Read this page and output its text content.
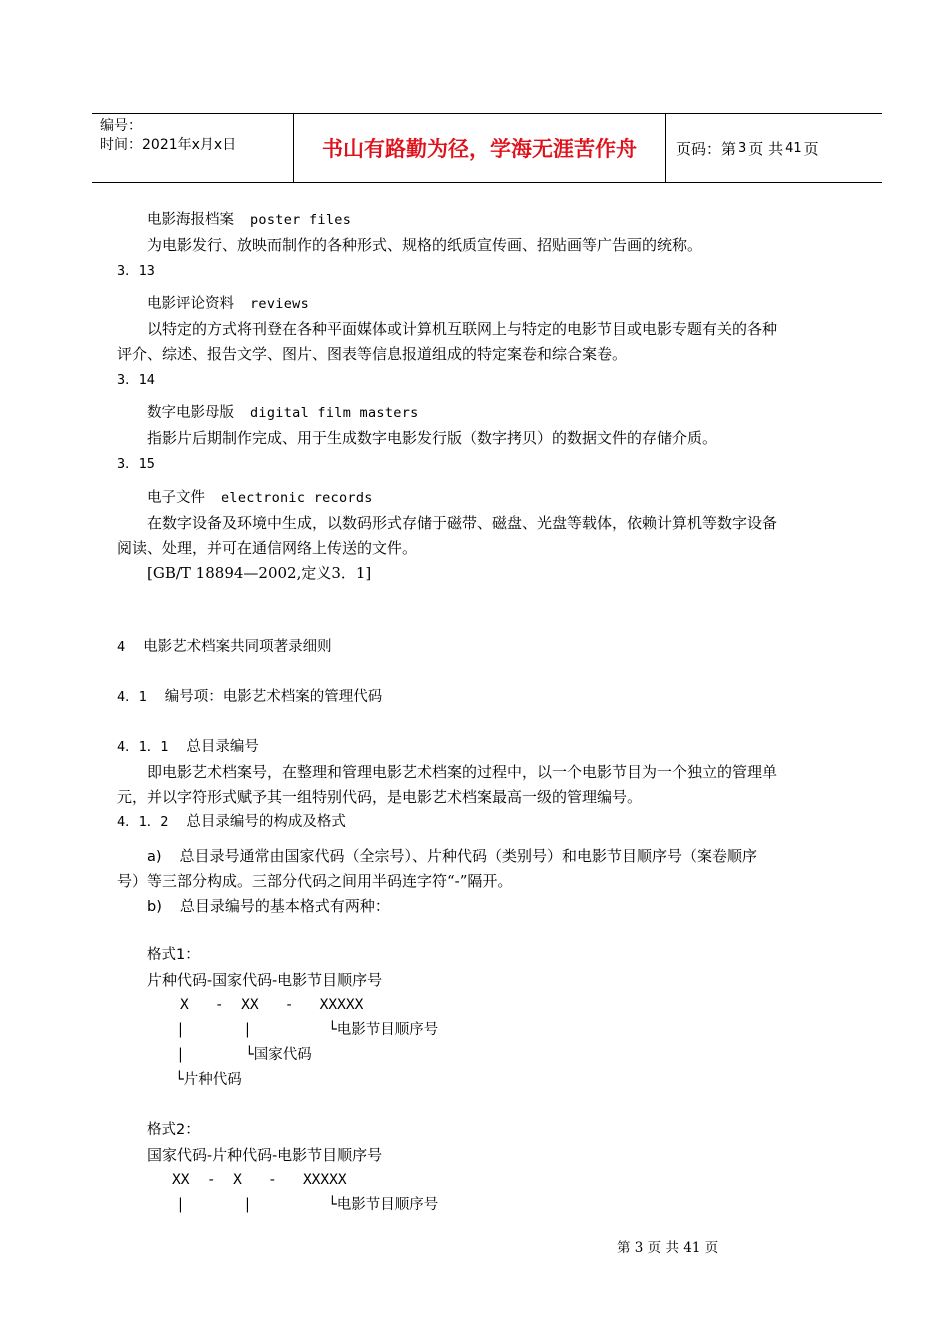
编号：
时间：2021年x月x日	书山有路勤为径，学海无涯苦作舟	页码：第 3 页 共 41 页
电影海报档案 poster files
为电影发行、放映而制作的各种形式、规格的纸质宣传画、招贴画等广告画的统称。
3．13
电影评论资料 reviews
以特定的方式将刊登在各种平面媒体或计算机互联网上与特定的电影节目或电影专题有关的各种
评介、综述、报告文学、图片、图表等信息报道组成的特定案卷和综合案卷。
3．14
数字电影母版 digital film masters
指影片后期制作完成、用于生成数字电影发行版（数字拷贝）的数据文件的存储介质。
3．15
电子文件 electronic records
在数字设备及环境中生成，以数码形式存储于磁带、磁盘、光盘等载体，依赖计算机等数字设备
阅读、处理，并可在通信网络上传送的文件。
[GB/T 18894—2002,定义3．1]
4 电影艺术档案共同项著录细则
4．1 编号项：电影艺术档案的管理代码
4．1．1 总目录编号
即电影艺术档案号，在整理和管理电影艺术档案的过程中，以一个电影节目为一个独立的管理单
元，并以字符形式赋予其一组特别代码，是电影艺术档案最高一级的管理编号。
4．1．2 总目录编号的构成及格式
a) 总目录号通常由国家代码（全宗号）、片种代码（类别号）和电影节目顺序号（案卷顺序
号）等三部分构成。三部分代码之间用半码连字符“-”隔开。
b) 总目录编号的基本格式有两种：
格式1：
片种代码-国家代码-电影节目顺序号
X   -  XX   -   XXXXX
|	|	└电影节目顺序号
|	└国家代码
└片种代码
格式2：
国家代码-片种代码-电影节目顺序号
XX  -  X   -   XXXXX
|	|	└电影节目顺序号
第 3 页 共 41 页
